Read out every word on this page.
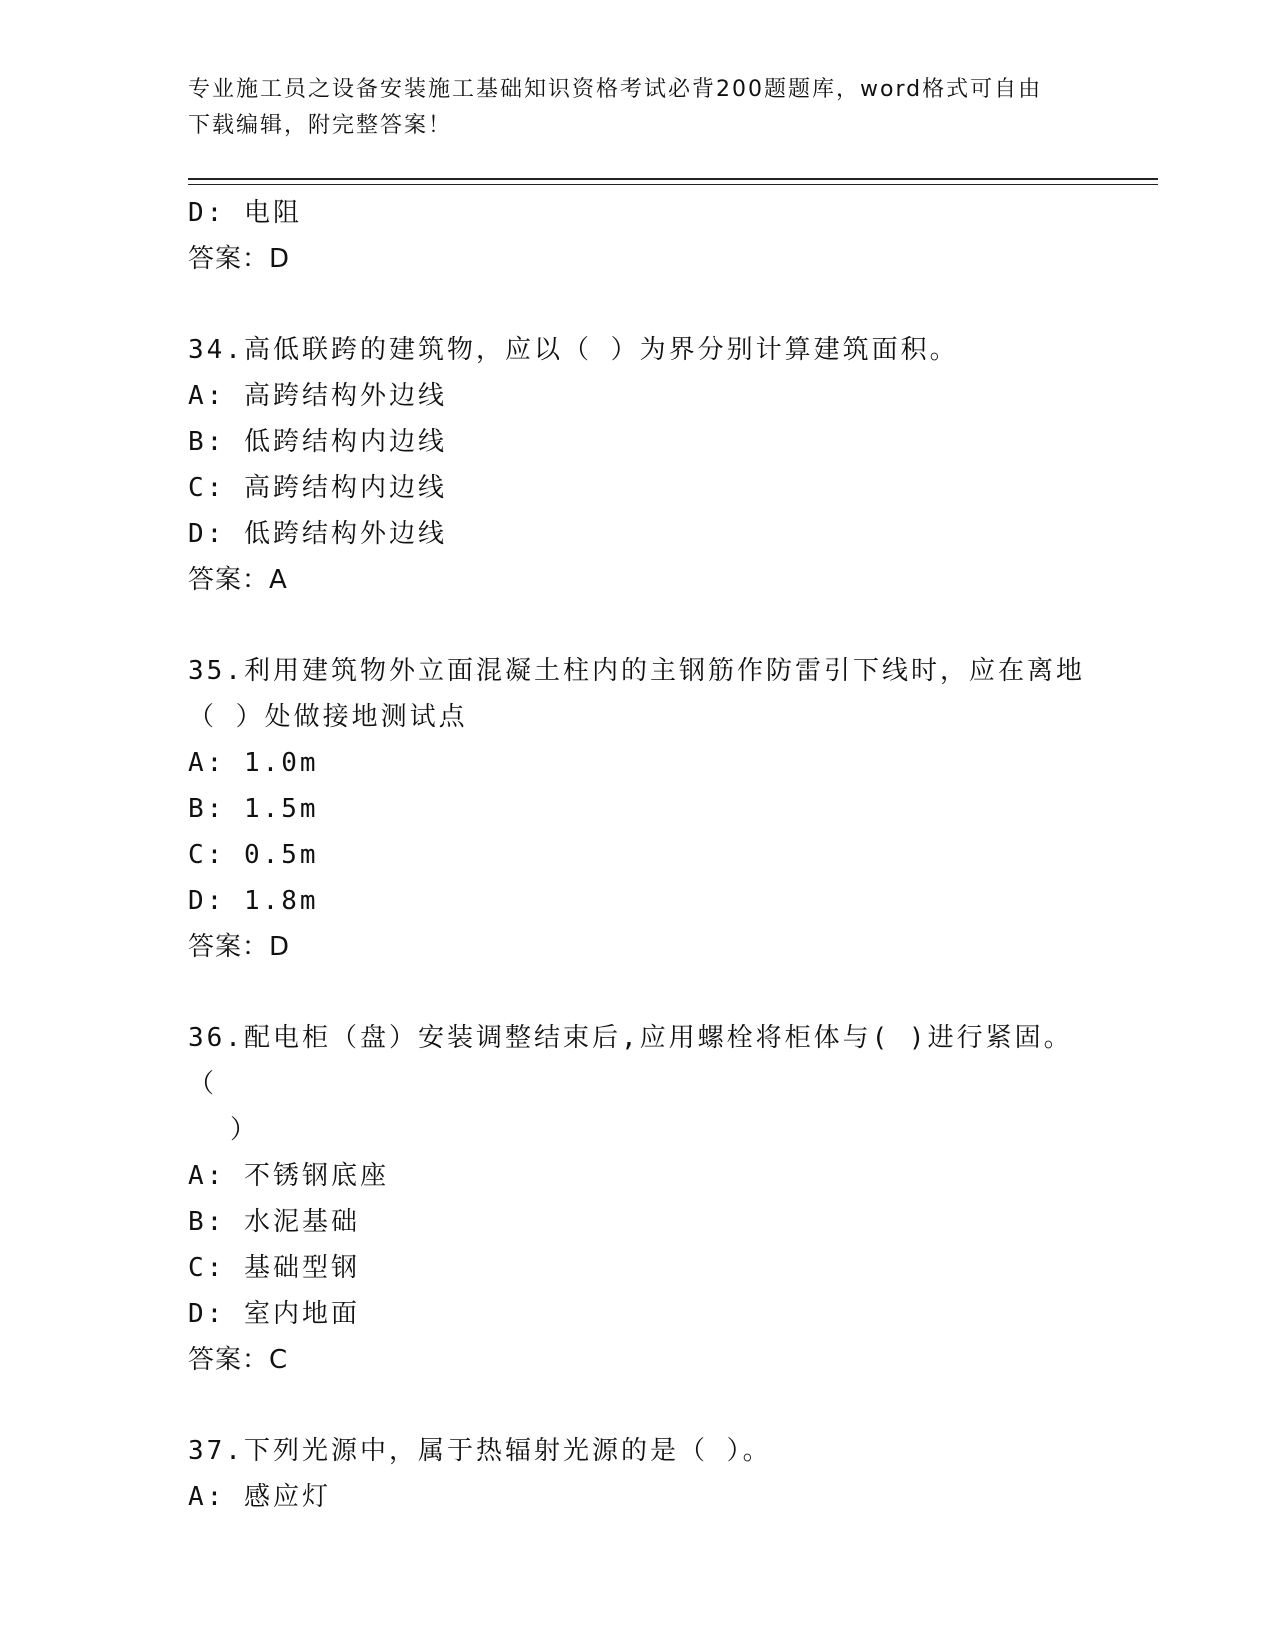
专业施工员之设备安装施工基础知识资格考试必背200题题库，word格式可自由
下载编辑，附完整答案！
D: 电阻
答案：D
34.高低联跨的建筑物，应以（ ）为界分别计算建筑面积。
A: 高跨结构外边线
B: 低跨结构内边线
C: 高跨结构内边线
D: 低跨结构外边线
答案：A
35.利用建筑物外立面混凝土柱内的主钢筋作防雷引下线时，应在离地
（ ）处做接地测试点
A: 1.0m
B: 1.5m
C: 0.5m
D: 1.8m
答案：D
36.配电柜（盘）安装调整结束后,应用螺栓将柜体与( )进行紧固。（
）
A: 不锈钢底座
B: 水泥基础
C: 基础型钢
D: 室内地面
答案：C
37.下列光源中，属于热辐射光源的是（ ）。
A: 感应灯
